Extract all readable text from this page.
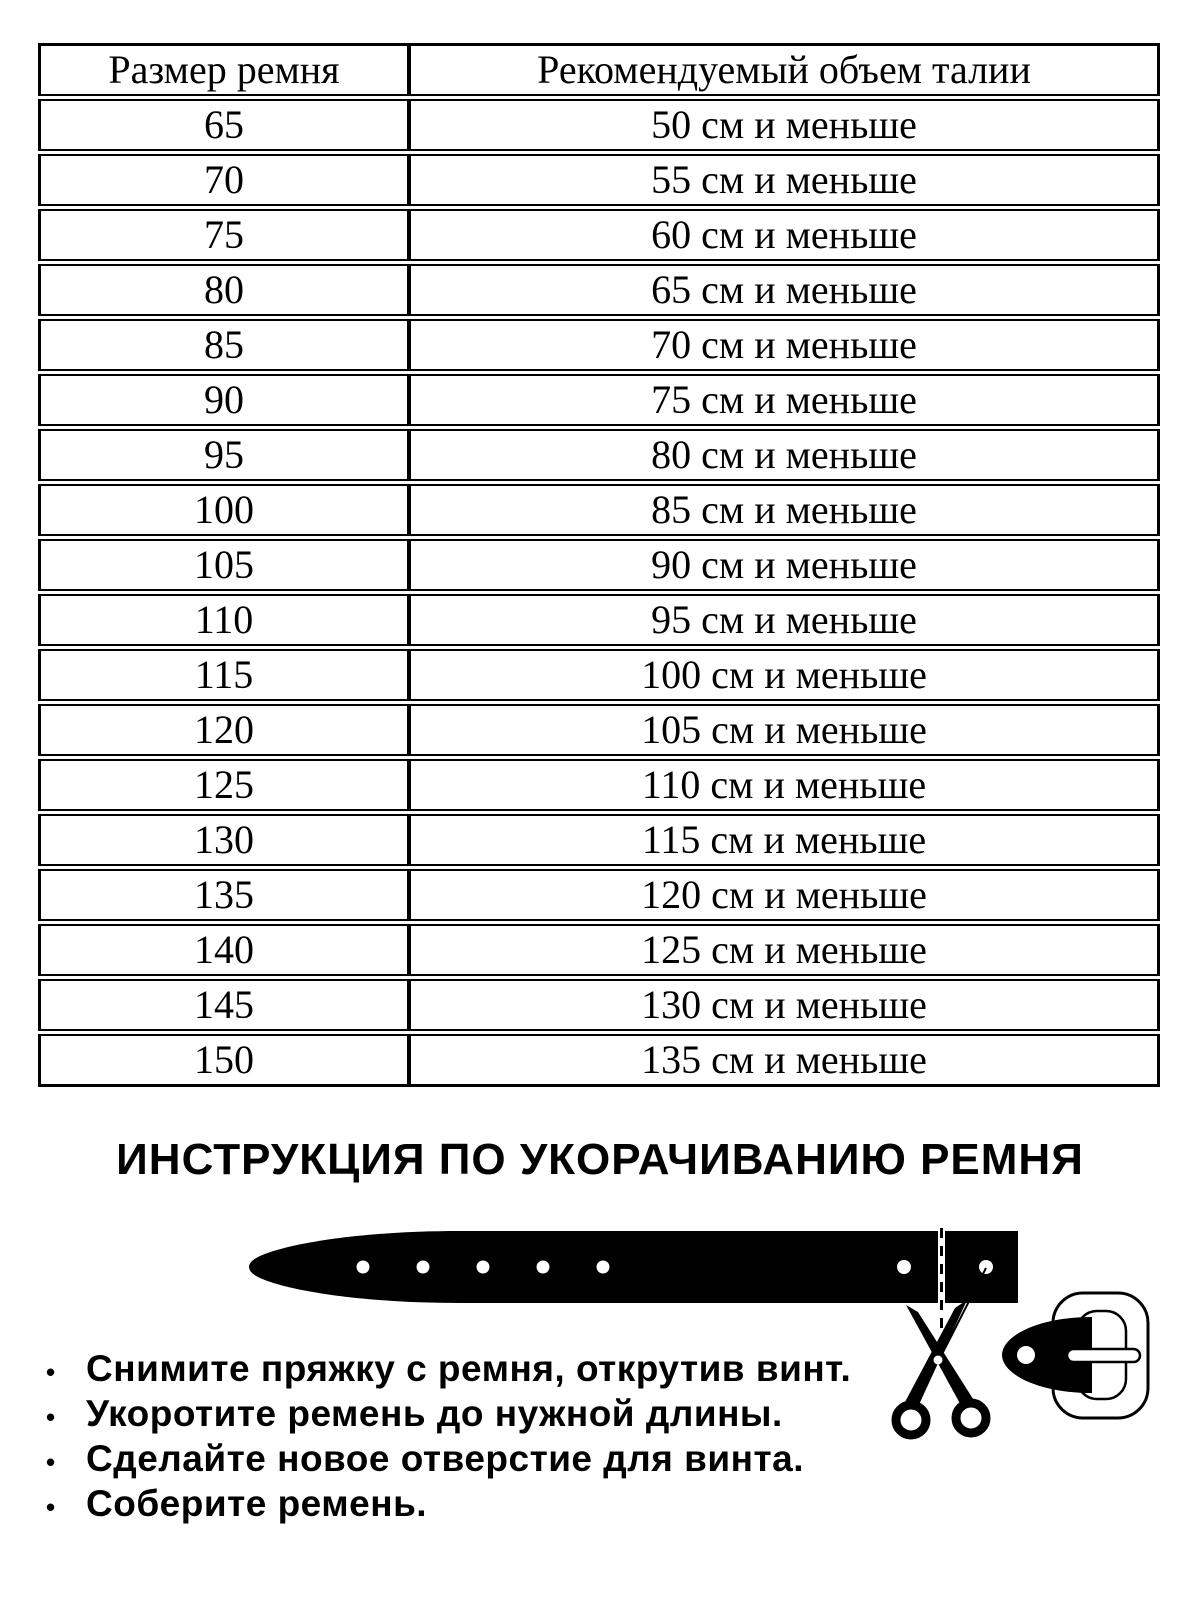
Размер ремня	Рекомендуемый объем талии
65	50 см и меньше
70	55 см и меньше
75	60 см и меньше
80	65 см и меньше
85	70 см и меньше
90	75 см и меньше
95	80 см и меньше
100	85 см и меньше
105	90 см и меньше
110	95 см и меньше
115	100 см и меньше
120	105 см и меньше
125	110 см и меньше
130	115 см и меньше
135	120 см и меньше
140	125 см и меньше
145	130 см и меньше
150	135 см и меньше
ИНСТРУКЦИЯ ПО УКОРАЧИВАНИЮ РЕМНЯ
• Снимите пряжку с ремня, открутив винт.
• Укоротите ремень до нужной длины.
• Сделайте новое отверстие для винта.
• Соберите ремень.
